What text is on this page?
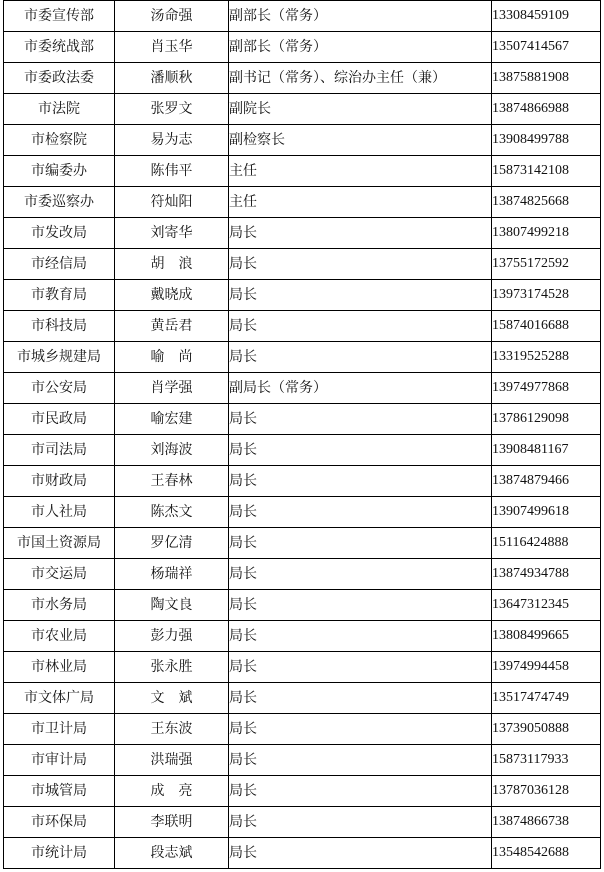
市委宣传部	汤命强	副部长（常务）	13308459109
市委统战部	肖玉华	副部长（常务）	13507414567
市委政法委	潘顺秋	副书记（常务）、综治办主任（兼）	13875881908
市法院	张罗文	副院长	13874866988
市检察院	易为志	副检察长	13908499788
市编委办	陈伟平	主任	15873142108
市委巡察办	符灿阳	主任	13874825668
市发改局	刘寄华	局长	13807499218
市经信局	胡　浪	局长	13755172592
市教育局	戴晓成	局长	13973174528
市科技局	黄岳君	局长	15874016688
市城乡规建局	喻　尚	局长	13319525288
市公安局	肖学强	副局长（常务）	13974977868
市民政局	喻宏建	局长	13786129098
市司法局	刘海波	局长	13908481167
市财政局	王春林	局长	13874879466
市人社局	陈杰文	局长	13907499618
市国土资源局	罗亿清	局长	15116424888
市交运局	杨瑞祥	局长	13874934788
市水务局	陶文良	局长	13647312345
市农业局	彭力强	局长	13808499665
市林业局	张永胜	局长	13974994458
市文体广局	文　斌	局长	13517474749
市卫计局	王东波	局长	13739050888
市审计局	洪瑞强	局长	15873117933
市城管局	成　亮	局长	13787036128
市环保局	李联明	局长	13874866738
市统计局	段志斌	局长	13548542688
